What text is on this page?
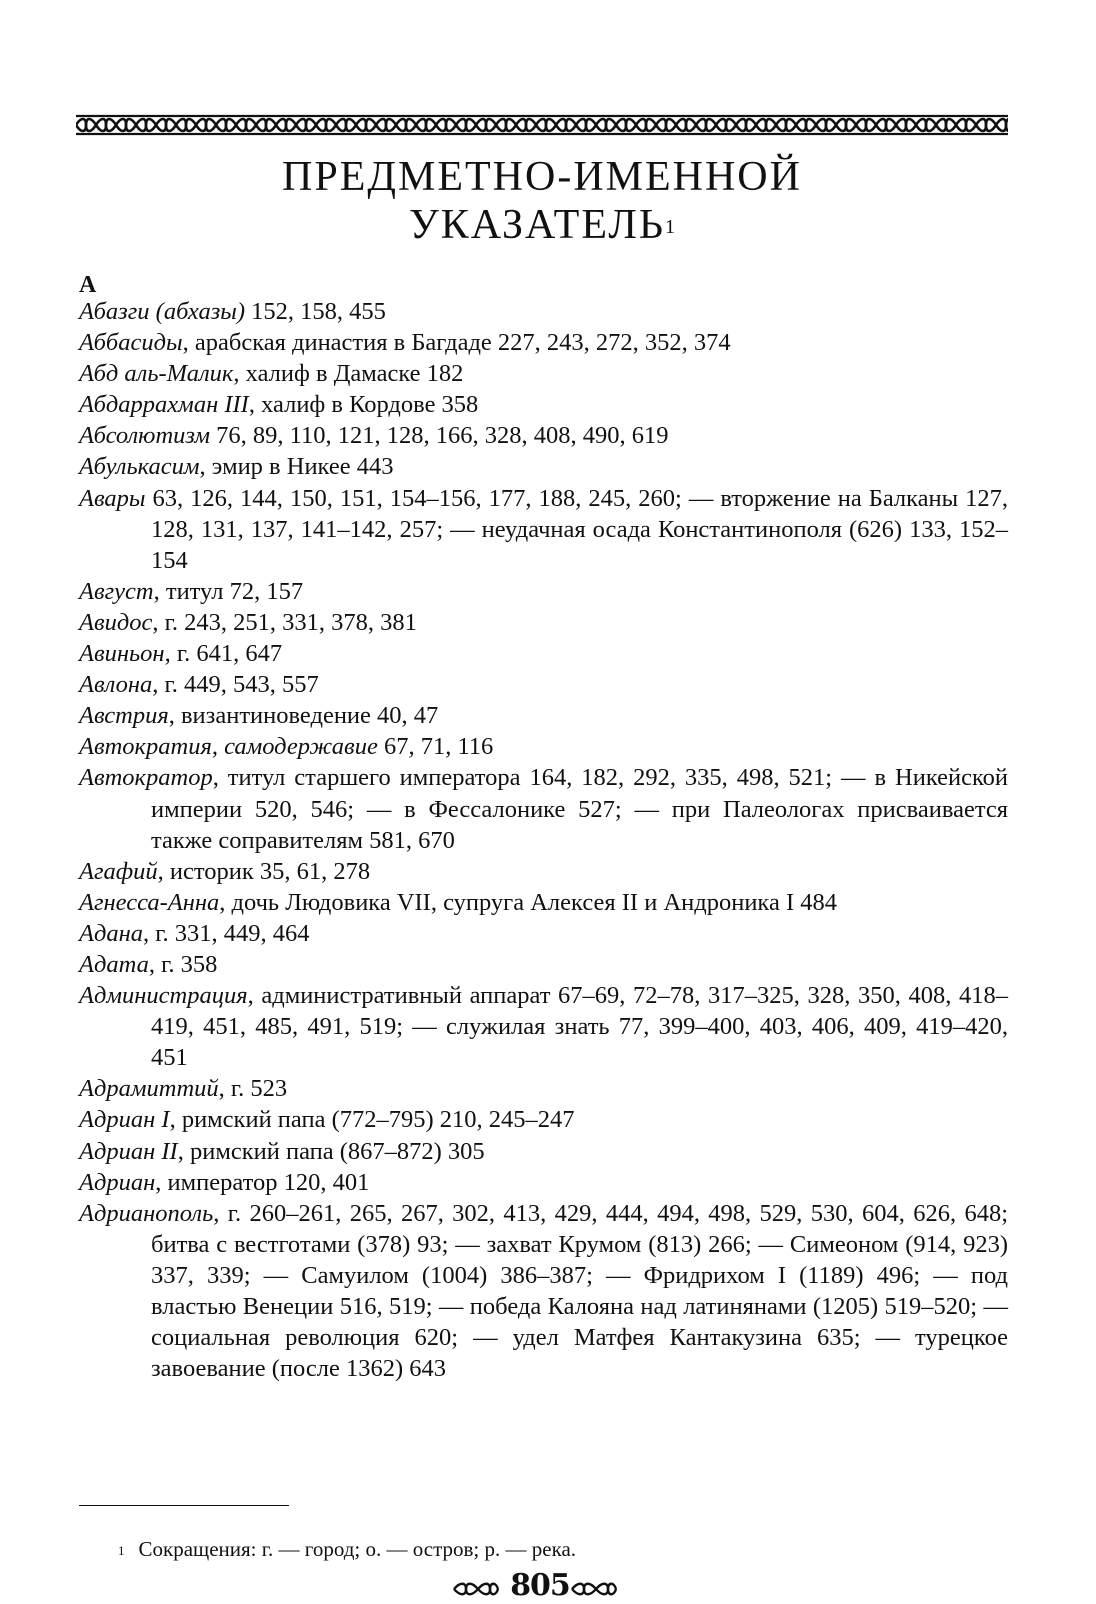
ПРЕДМЕТНО-ИМЕННОЙ
УКАЗАТЕЛЬ$^1$
А
Абазги (абхазы) 152, 158, 455
Аббасиды, арабская династия в Багдаде 227, 243, 272, 352, 374
Абд аль-Малик, халиф в Дамаске 182
Абдаррахман III, халиф в Кордове 358
Абсолютизм 76, 89, 110, 121, 128, 166, 328, 408, 490, 619
Абулькасим, эмир в Никее 443
Авары 63, 126, 144, 150, 151, 154–156, 177, 188, 245, 260; — вторжение на Балканы 127, 128, 131, 137, 141–142, 257; — неудачная осада Константинополя (626) 133, 152–154
Август, титул 72, 157
Авидос, г. 243, 251, 331, 378, 381
Авиньон, г. 641, 647
Авлона, г. 449, 543, 557
Австрия, византиноведение 40, 47
Автократия, самодержавие 67, 71, 116
Автократор, титул старшего императора 164, 182, 292, 335, 498, 521; — в Никейской империи 520, 546; — в Фессалонике 527; — при Палеологах присваивается также соправителям 581, 670
Агафий, историк 35, 61, 278
Агнесса-Анна, дочь Людовика VII, супруга Алексея II и Андроника I 484
Адана, г. 331, 449, 464
Адата, г. 358
Администрация, административный аппарат 67–69, 72–78, 317–325, 328, 350, 408, 418–419, 451, 485, 491, 519; — служилая знать 77, 399–400, 403, 406, 409, 419–420, 451
Адрамиттий, г. 523
Адриан I, римский папа (772–795) 210, 245–247
Адриан II, римский папа (867–872) 305
Адриан, император 120, 401
Адрианополь, г. 260–261, 265, 267, 302, 413, 429, 444, 494, 498, 529, 530, 604, 626, 648; битва с вестготами (378) 93; — захват Крумом (813) 266; — Симеоном (914, 923) 337, 339; — Самуилом (1004) 386–387; — Фридрихом I (1189) 496; — под властью Венеции 516, 519; — победа Калояна над латинянами (1205) 519–520; — социальная революция 620; — удел Матфея Кантакузина 635; — турецкое завоевание (после 1362) 643
$^1$ Сокращения: г. — город; о. — остров; р. — река.
805
